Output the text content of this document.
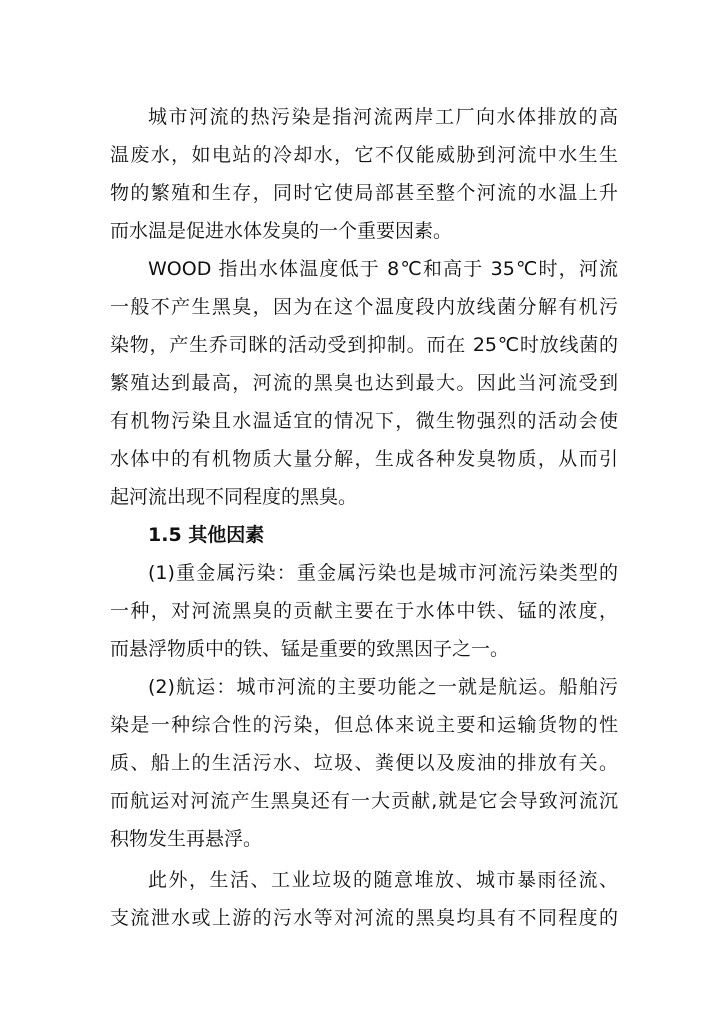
城市河流的热污染是指河流两岸工厂向水体排放的高
温废水，如电站的冷却水，它不仅能威胁到河流中水生生
物的繁殖和生存，同时它使局部甚至整个河流的水温上升
而水温是促进水体发臭的一个重要因素。
WOOD 指出水体温度低于 8℃和高于 35℃时，河流
一般不产生黑臭，因为在这个温度段内放线菌分解有机污
染物，产生乔司眯的活动受到抑制。而在 25℃时放线菌的
繁殖达到最高，河流的黑臭也达到最大。因此当河流受到
有机物污染且水温适宜的情况下，微生物强烈的活动会使
水体中的有机物质大量分解，生成各种发臭物质，从而引
起河流出现不同程度的黑臭。
1.5 其他因素
(1)重金属污染：重金属污染也是城市河流污染类型的
一种，对河流黑臭的贡献主要在于水体中铁、锰的浓度，
而悬浮物质中的铁、锰是重要的致黑因子之一。
(2)航运：城市河流的主要功能之一就是航运。船舶污
染是一种综合性的污染，但总体来说主要和运输货物的性
质、船上的生活污水、垃圾、粪便以及废油的排放有关。
而航运对河流产生黑臭还有一大贡献,就是它会导致河流沉
积物发生再悬浮。
此外，生活、工业垃圾的随意堆放、城市暴雨径流、
支流泄水或上游的污水等对河流的黑臭均具有不同程度的
